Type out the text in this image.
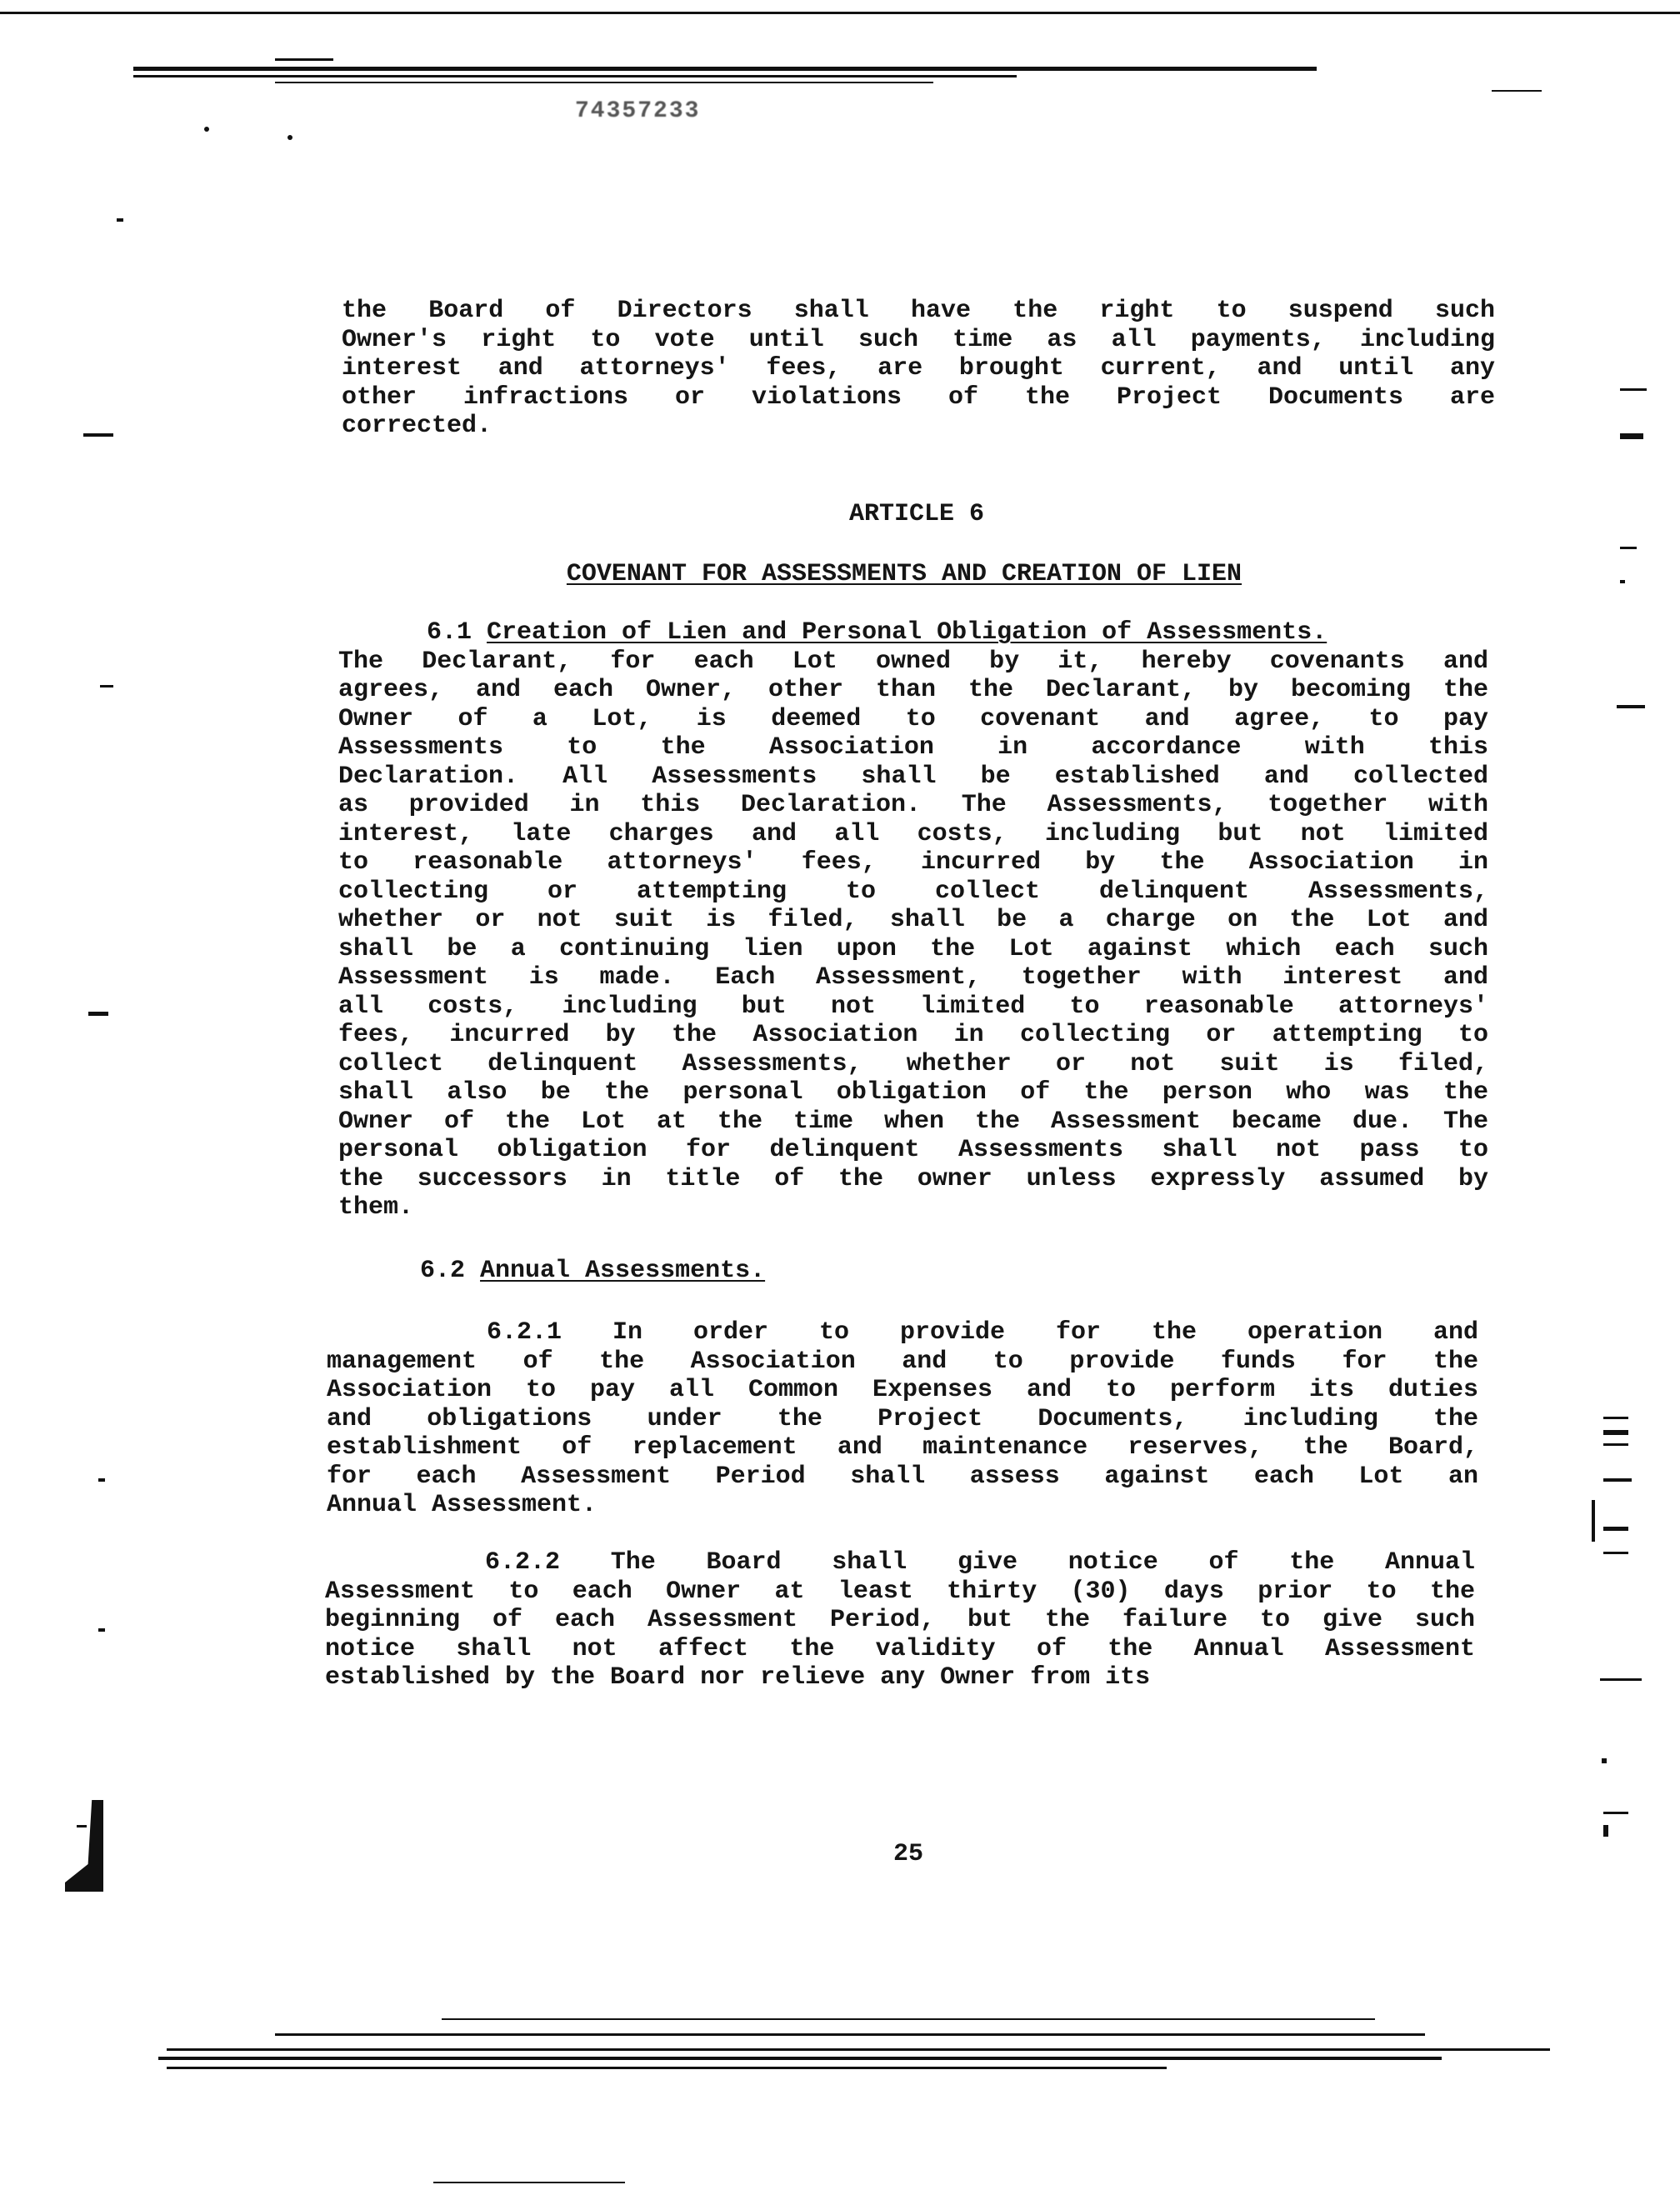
74357233
the Board of Directors shall have the right to suspend such
Owner's right to vote until such time as all payments, including
interest and attorneys' fees, are brought current, and until any
other infractions or violations of the Project Documents are
corrected.
ARTICLE 6
COVENANT FOR ASSESSMENTS AND CREATION OF LIEN
6.1 Creation of Lien and Personal Obligation of Assessments.
The Declarant, for each Lot owned by it, hereby covenants and
agrees, and each Owner, other than the Declarant, by becoming the
Owner of a Lot, is deemed to covenant and agree, to pay
Assessments to the Association in accordance with this
Declaration. All Assessments shall be established and collected
as provided in this Declaration. The Assessments, together with
interest, late charges and all costs, including but not limited
to reasonable attorneys' fees, incurred by the Association in
collecting or attempting to collect delinquent Assessments,
whether or not suit is filed, shall be a charge on the Lot and
shall be a continuing lien upon the Lot against which each such
Assessment is made. Each Assessment, together with interest and
all costs, including but not limited to reasonable attorneys'
fees, incurred by the Association in collecting or attempting to
collect delinquent Assessments, whether or not suit is filed,
shall also be the personal obligation of the person who was the
Owner of the Lot at the time when the Assessment became due. The
personal obligation for delinquent Assessments shall not pass to
the successors in title of the owner unless expressly assumed by
them.
6.2 Annual Assessments.
6.2.1 In order to provide for the operation and
management of the Association and to provide funds for the
Association to pay all Common Expenses and to perform its duties
and obligations under the Project Documents, including the
establishment of replacement and maintenance reserves, the Board,
for each Assessment Period shall assess against each Lot an
Annual Assessment.
6.2.2 The Board shall give notice of the Annual
Assessment to each Owner at least thirty (30) days prior to the
beginning of each Assessment Period, but the failure to give such
notice shall not affect the validity of the Annual Assessment
established by the Board nor relieve any Owner from its
25
